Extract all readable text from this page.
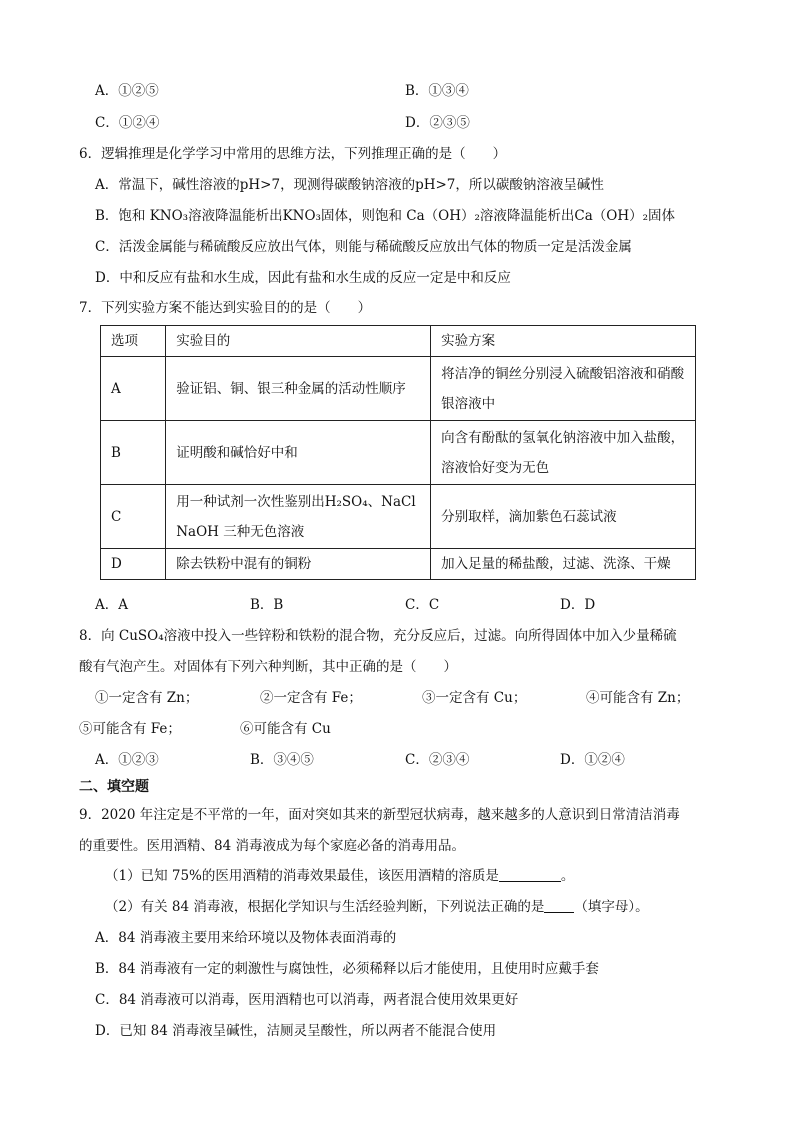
A．①②⑤	B．①③④
C．①②④	D．②③⑤
6．逻辑推理是化学学习中常用的思维方法，下列推理正确的是（　　）
A．常温下，碱性溶液的pH>7，现测得碳酸钠溶液的pH>7，所以碳酸钠溶液呈碱性
B．饱和 KNO₃溶液降温能析出KNO₃固体，则饱和 Ca（OH）₂溶液降温能析出Ca（OH）₂固体
C．活泼金属能与稀硫酸反应放出气体，则能与稀硫酸反应放出气体的物质一定是活泼金属
D．中和反应有盐和水生成，因此有盐和水生成的反应一定是中和反应
7．下列实验方案不能达到实验目的的是（　　）
选项	实验目的	实验方案
A	验证铝、铜、银三种金属的活动性顺序	将洁净的铜丝分别浸入硫酸铝溶液和硝酸银溶液中
B	证明酸和碱恰好中和	向含有酚酞的氢氧化钠溶液中加入盐酸，溶液恰好变为无色
C	用一种试剂一次性鉴别出H₂SO₄、NaCl NaOH 三种无色溶液	分别取样，滴加紫色石蕊试液
D	除去铁粉中混有的铜粉	加入足量的稀盐酸，过滤、洗涤、干燥
A．A	B．B	C．C	D．D
8．向 CuSO₄溶液中投入一些锌粉和铁粉的混合物，充分反应后，过滤。向所得固体中加入少量稀硫
酸有气泡产生。对固体有下列六种判断，其中正确的是（　　）
①一定含有 Zn；	②一定含有 Fe；	③一定含有 Cu；	④可能含有 Zn；
⑤可能含有 Fe；	⑥可能含有 Cu
A．①②③	B．③④⑤	C．②③④	D．①②④
二、填空题
9．2020 年注定是不平常的一年，面对突如其来的新型冠状病毒，越来越多的人意识到日常清洁消毒
的重要性。医用酒精、84 消毒液成为每个家庭必备的消毒用品。
（1）已知 75%的医用酒精的消毒效果最佳，该医用酒精的溶质是	。
（2）有关 84 消毒液，根据化学知识与生活经验判断，下列说法正确的是 （填字母）。
A．84 消毒液主要用来给环境以及物体表面消毒的
B．84 消毒液有一定的刺激性与腐蚀性，必须稀释以后才能使用，且使用时应戴手套
C．84 消毒液可以消毒，医用酒精也可以消毒，两者混合使用效果更好
D．已知 84 消毒液呈碱性，洁厕灵呈酸性，所以两者不能混合使用
